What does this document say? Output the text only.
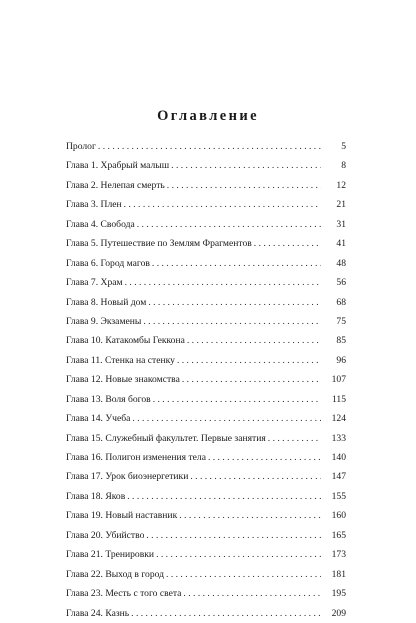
Оглавление
Пролог . . .	5
Глава 1. Храбрый малыш . . .	8
Глава 2. Нелепая смерть . . .	12
Глава 3. Плен . . .	21
Глава 4. Свобода . . .	31
Глава 5. Путешествие по Землям Фрагментов . . .	41
Глава 6. Город магов . . .	48
Глава 7. Храм . . .	56
Глава 8. Новый дом . . .	68
Глава 9. Экзамены . . .	75
Глава 10. Катакомбы Геккона . . .	85
Глава 11. Стенка на стенку . . .	96
Глава 12. Новые знакомства . . .	107
Глава 13. Воля богов . . .	115
Глава 14. Учеба . . .	124
Глава 15. Служебный факультет. Первые занятия . . .	133
Глава 16. Полигон изменения тела . . .	140
Глава 17. Урок биоэнергетики . . .	147
Глава 18. Яков . . .	155
Глава 19. Новый наставник . . .	160
Глава 20. Убийство . . .	165
Глава 21. Тренировки . . .	173
Глава 22. Выход в город . . .	181
Глава 23. Месть с того света . . .	195
Глава 24. Казнь . . .	209
